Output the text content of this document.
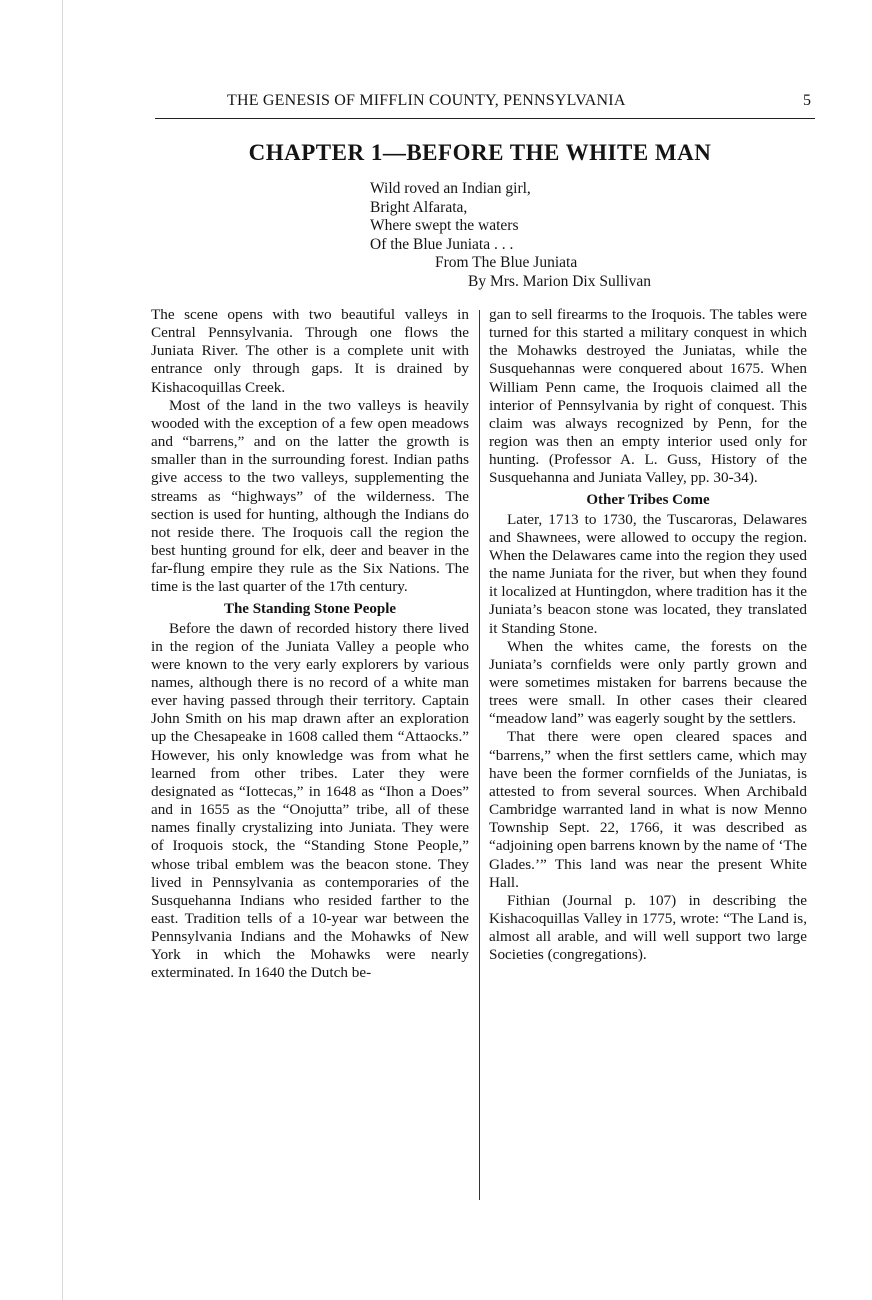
THE GENESIS OF MIFFLIN COUNTY, PENNSYLVANIA	5
CHAPTER 1—BEFORE THE WHITE MAN
Wild roved an Indian girl,
Bright Alfarata,
Where swept the waters
Of the Blue Juniata . . .
From The Blue Juniata
By Mrs. Marion Dix Sullivan

The scene opens with two beautiful valleys in Central Pennsylvania. Through one flows the Juniata River. The other is a complete unit with entrance only through gaps. It is drained by Kishacoquillas Creek.

Most of the land in the two valleys is heavily wooded with the exception of a few open meadows and “barrens,” and on the latter the growth is smaller than in the surrounding forest. Indian paths give access to the two valleys, supplementing the streams as “highways” of the wilderness. The section is used for hunting, although the Indians do not reside there. The Iroquois call the region the best hunting ground for elk, deer and beaver in the far-flung empire they rule as the Six Nations. The time is the last quarter of the 17th century.

The Standing Stone People

Before the dawn of recorded history there lived in the region of the Juniata Valley a people who were known to the very early explorers by various names, although there is no record of a white man ever having passed through their territory. Captain John Smith on his map drawn after an exploration up the Chesapeake in 1608 called them “Attaocks.” However, his only knowledge was from what he learned from other tribes. Later they were designated as “Iottecas,” in 1648 as “Ihon a Does” and in 1655 as the “Onojutta” tribe, all of these names finally crystalizing into Juniata. They were of Iroquois stock, the “Standing Stone People,” whose tribal emblem was the beacon stone. They lived in Pennsylvania as contemporaries of the Susquehanna Indians who resided farther to the east. Tradition tells of a 10-year war between the Pennsylvania Indians and the Mohawks of New York in which the Mohawks were nearly exterminated. In 1640 the Dutch be-

gan to sell firearms to the Iroquois. The tables were turned for this started a military conquest in which the Mohawks destroyed the Juniatas, while the Susquehannas were conquered about 1675. When William Penn came, the Iroquois claimed all the interior of Pennsylvania by right of conquest. This claim was always recognized by Penn, for the region was then an empty interior used only for hunting. (Professor A. L. Guss, History of the Susquehanna and Juniata Valley, pp. 30-34).

Other Tribes Come

Later, 1713 to 1730, the Tuscaroras, Delawares and Shawnees, were allowed to occupy the region. When the Delawares came into the region they used the name Juniata for the river, but when they found it localized at Huntingdon, where tradition has it the Juniata’s beacon stone was located, they translated it Standing Stone.

When the whites came, the forests on the Juniata’s cornfields were only partly grown and were sometimes mistaken for barrens because the trees were small. In other cases their cleared “meadow land” was eagerly sought by the settlers.

That there were open cleared spaces and “barrens,” when the first settlers came, which may have been the former cornfields of the Juniatas, is attested to from several sources. When Archibald Cambridge warranted land in what is now Menno Township Sept. 22, 1766, it was described as “adjoining open barrens known by the name of ‘The Glades.’” This land was near the present White Hall.

Fithian (Journal p. 107) in describing the Kishacoquillas Valley in 1775, wrote: “The Land is, almost all arable, and will well support two large Societies (congregations).
